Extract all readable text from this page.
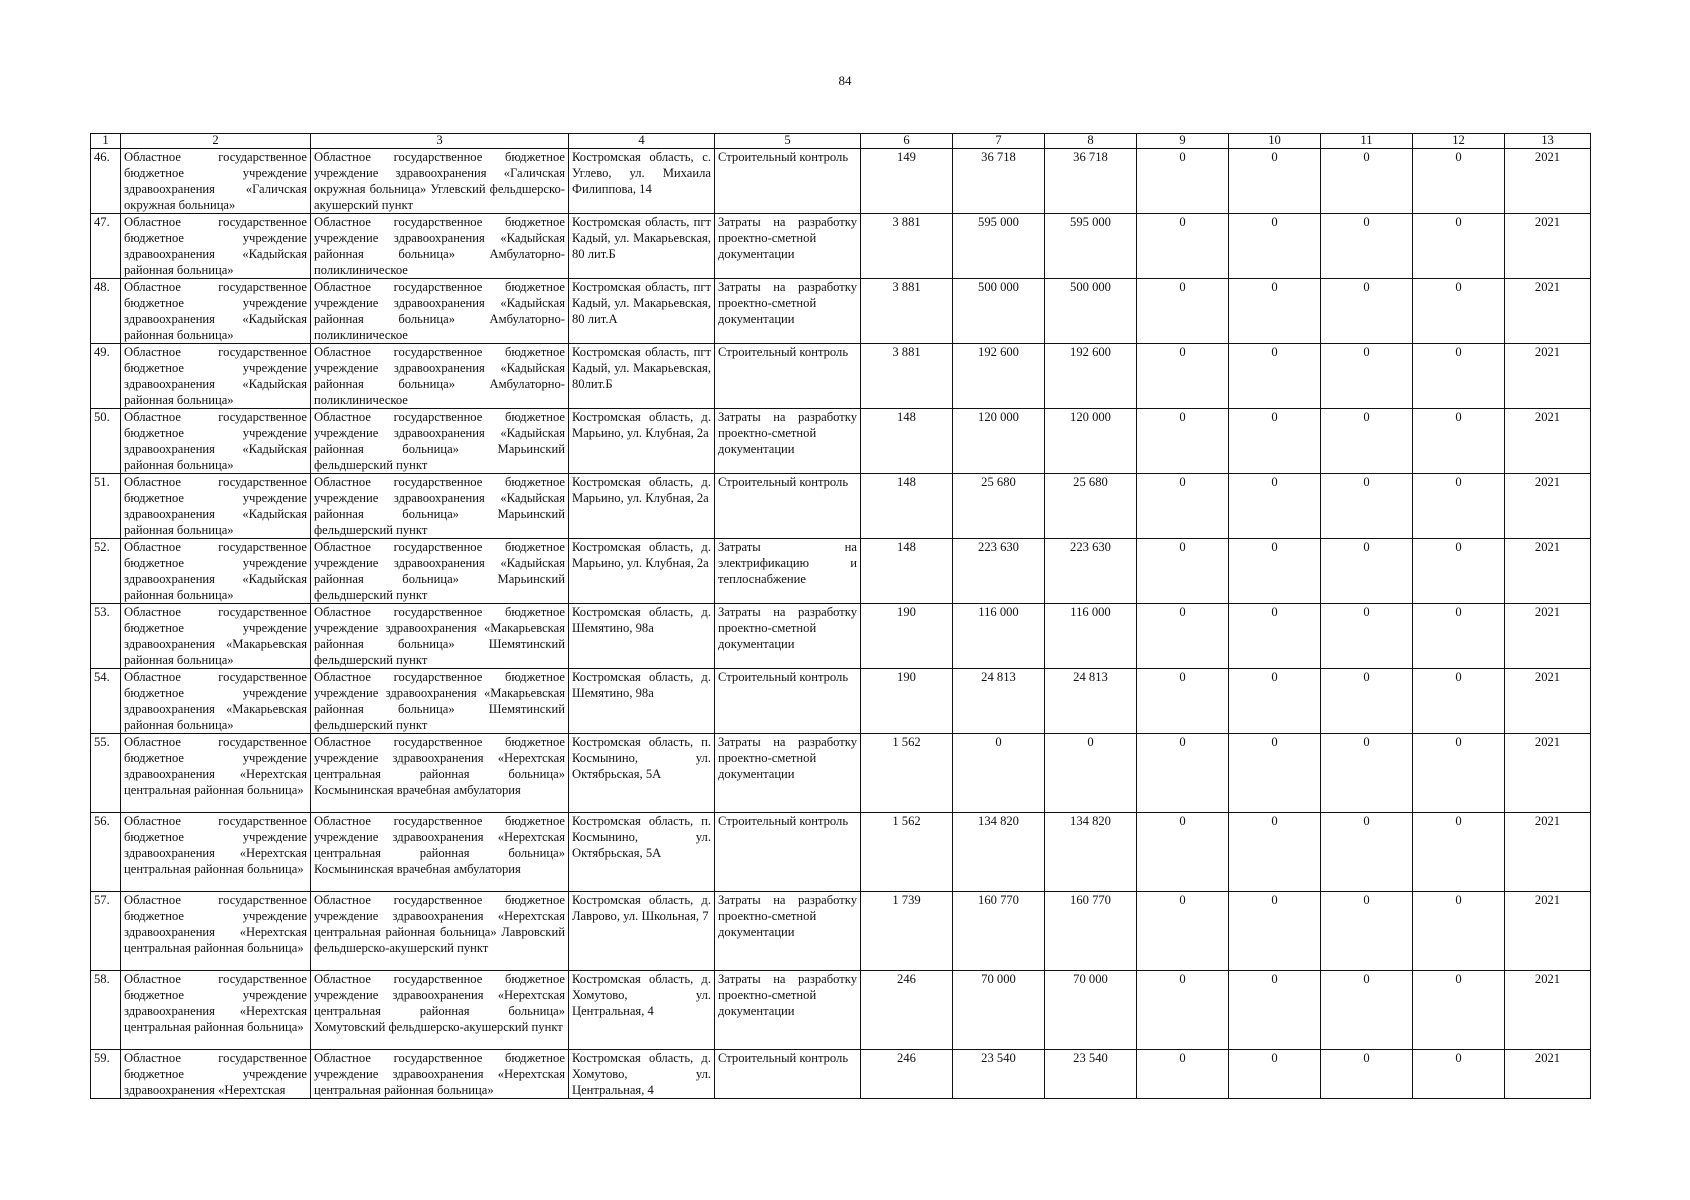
84
1	2	3	4	5	6	7	8	9	10	11	12	13
46.	Областное государственное бюджетное учреждение здравоохранения «Галичская окружная больница»	Областное государственное бюджетное учреждение здравоохранения «Галичская окружная больница» Углевский фельдшерско-акушерский пункт	Костромская область, с. Углево, ул. Михаила Филиппова, 14	Строительный контроль	149	36 718	36 718	0	0	0	0	2021
47.	Областное государственное бюджетное учреждение здравоохранения «Кадыйская районная больница»	Областное государственное бюджетное учреждение здравоохранения «Кадыйская районная больница» Амбулаторно-поликлиническое	Костромская область, пгт Кадый, ул. Макарьевская, 80 лит.Б	Затраты на разработку проектно-сметной документации	3 881	595 000	595 000	0	0	0	0	2021
48.	Областное государственное бюджетное учреждение здравоохранения «Кадыйская районная больница»	Областное государственное бюджетное учреждение здравоохранения «Кадыйская районная больница» Амбулаторно-поликлиническое	Костромская область, пгт Кадый, ул. Макарьевская, 80 лит.А	Затраты на разработку проектно-сметной документации	3 881	500 000	500 000	0	0	0	0	2021
49.	Областное государственное бюджетное учреждение здравоохранения «Кадыйская районная больница»	Областное государственное бюджетное учреждение здравоохранения «Кадыйская районная больница» Амбулаторно-поликлиническое	Костромская область, пгт Кадый, ул. Макарьевская, 80лит.Б	Строительный контроль	3 881	192 600	192 600	0	0	0	0	2021
50.	Областное государственное бюджетное учреждение здравоохранения «Кадыйская районная больница»	Областное государственное бюджетное учреждение здравоохранения «Кадыйская районная больница» Марьинский фельдшерский пункт	Костромская область, д. Марьино, ул. Клубная, 2а	Затраты на разработку проектно-сметной документации	148	120 000	120 000	0	0	0	0	2021
51.	Областное государственное бюджетное учреждение здравоохранения «Кадыйская районная больница»	Областное государственное бюджетное учреждение здравоохранения «Кадыйская районная больница» Марьинский фельдшерский пункт	Костромская область, д. Марьино, ул. Клубная, 2а	Строительный контроль	148	25 680	25 680	0	0	0	0	2021
52.	Областное государственное бюджетное учреждение здравоохранения «Кадыйская районная больница»	Областное государственное бюджетное учреждение здравоохранения «Кадыйская районная больница» Марьинский фельдшерский пункт	Костромская область, д. Марьино, ул. Клубная, 2а	Затраты на электрификацию и теплоснабжение	148	223 630	223 630	0	0	0	0	2021
53.	Областное государственное бюджетное учреждение здравоохранения «Макарьевская районная больница»	Областное государственное бюджетное учреждение здравоохранения «Макарьевская районная больница» Шемятинский фельдшерский пункт	Костромская область, д. Шемятино, 98а	Затраты на разработку проектно-сметной документации	190	116 000	116 000	0	0	0	0	2021
54.	Областное государственное бюджетное учреждение здравоохранения «Макарьевская районная больница»	Областное государственное бюджетное учреждение здравоохранения «Макарьевская районная больница» Шемятинский фельдшерский пункт	Костромская область, д. Шемятино, 98а	Строительный контроль	190	24 813	24 813	0	0	0	0	2021
55.	Областное государственное бюджетное учреждение здравоохранения «Нерехтская центральная районная больница»	Областное государственное бюджетное учреждение здравоохранения «Нерехтская центральная районная больница» Космынинская врачебная амбулатория	Костромская область, п. Космынино, ул. Октябрьская, 5А	Затраты на разработку проектно-сметной документации	1 562	0	0	0	0	0	0	2021
56.	Областное государственное бюджетное учреждение здравоохранения «Нерехтская центральная районная больница»	Областное государственное бюджетное учреждение здравоохранения «Нерехтская центральная районная больница» Космынинская врачебная амбулатория	Костромская область, п. Космынино, ул. Октябрьская, 5А	Строительный контроль	1 562	134 820	134 820	0	0	0	0	2021
57.	Областное государственное бюджетное учреждение здравоохранения «Нерехтская центральная районная больница»	Областное государственное бюджетное учреждение здравоохранения «Нерехтская центральная районная больница» Лавровский фельдшерско-акушерский пункт	Костромская область, д. Лаврово, ул. Школьная, 7	Затраты на разработку проектно-сметной документации	1 739	160 770	160 770	0	0	0	0	2021
58.	Областное государственное бюджетное учреждение здравоохранения «Нерехтская центральная районная больница»	Областное государственное бюджетное учреждение здравоохранения «Нерехтская центральная районная больница» Хомутовский фельдшерско-акушерский пункт	Костромская область, д. Хомутово, ул. Центральная, 4	Затраты на разработку проектно-сметной документации	246	70 000	70 000	0	0	0	0	2021
59.	Областное государственное бюджетное учреждение здравоохранения «Нерехтская	Областное государственное бюджетное учреждение здравоохранения «Нерехтская центральная районная больница»	Костромская область, д. Хомутово, ул. Центральная, 4	Строительный контроль	246	23 540	23 540	0	0	0	0	2021
